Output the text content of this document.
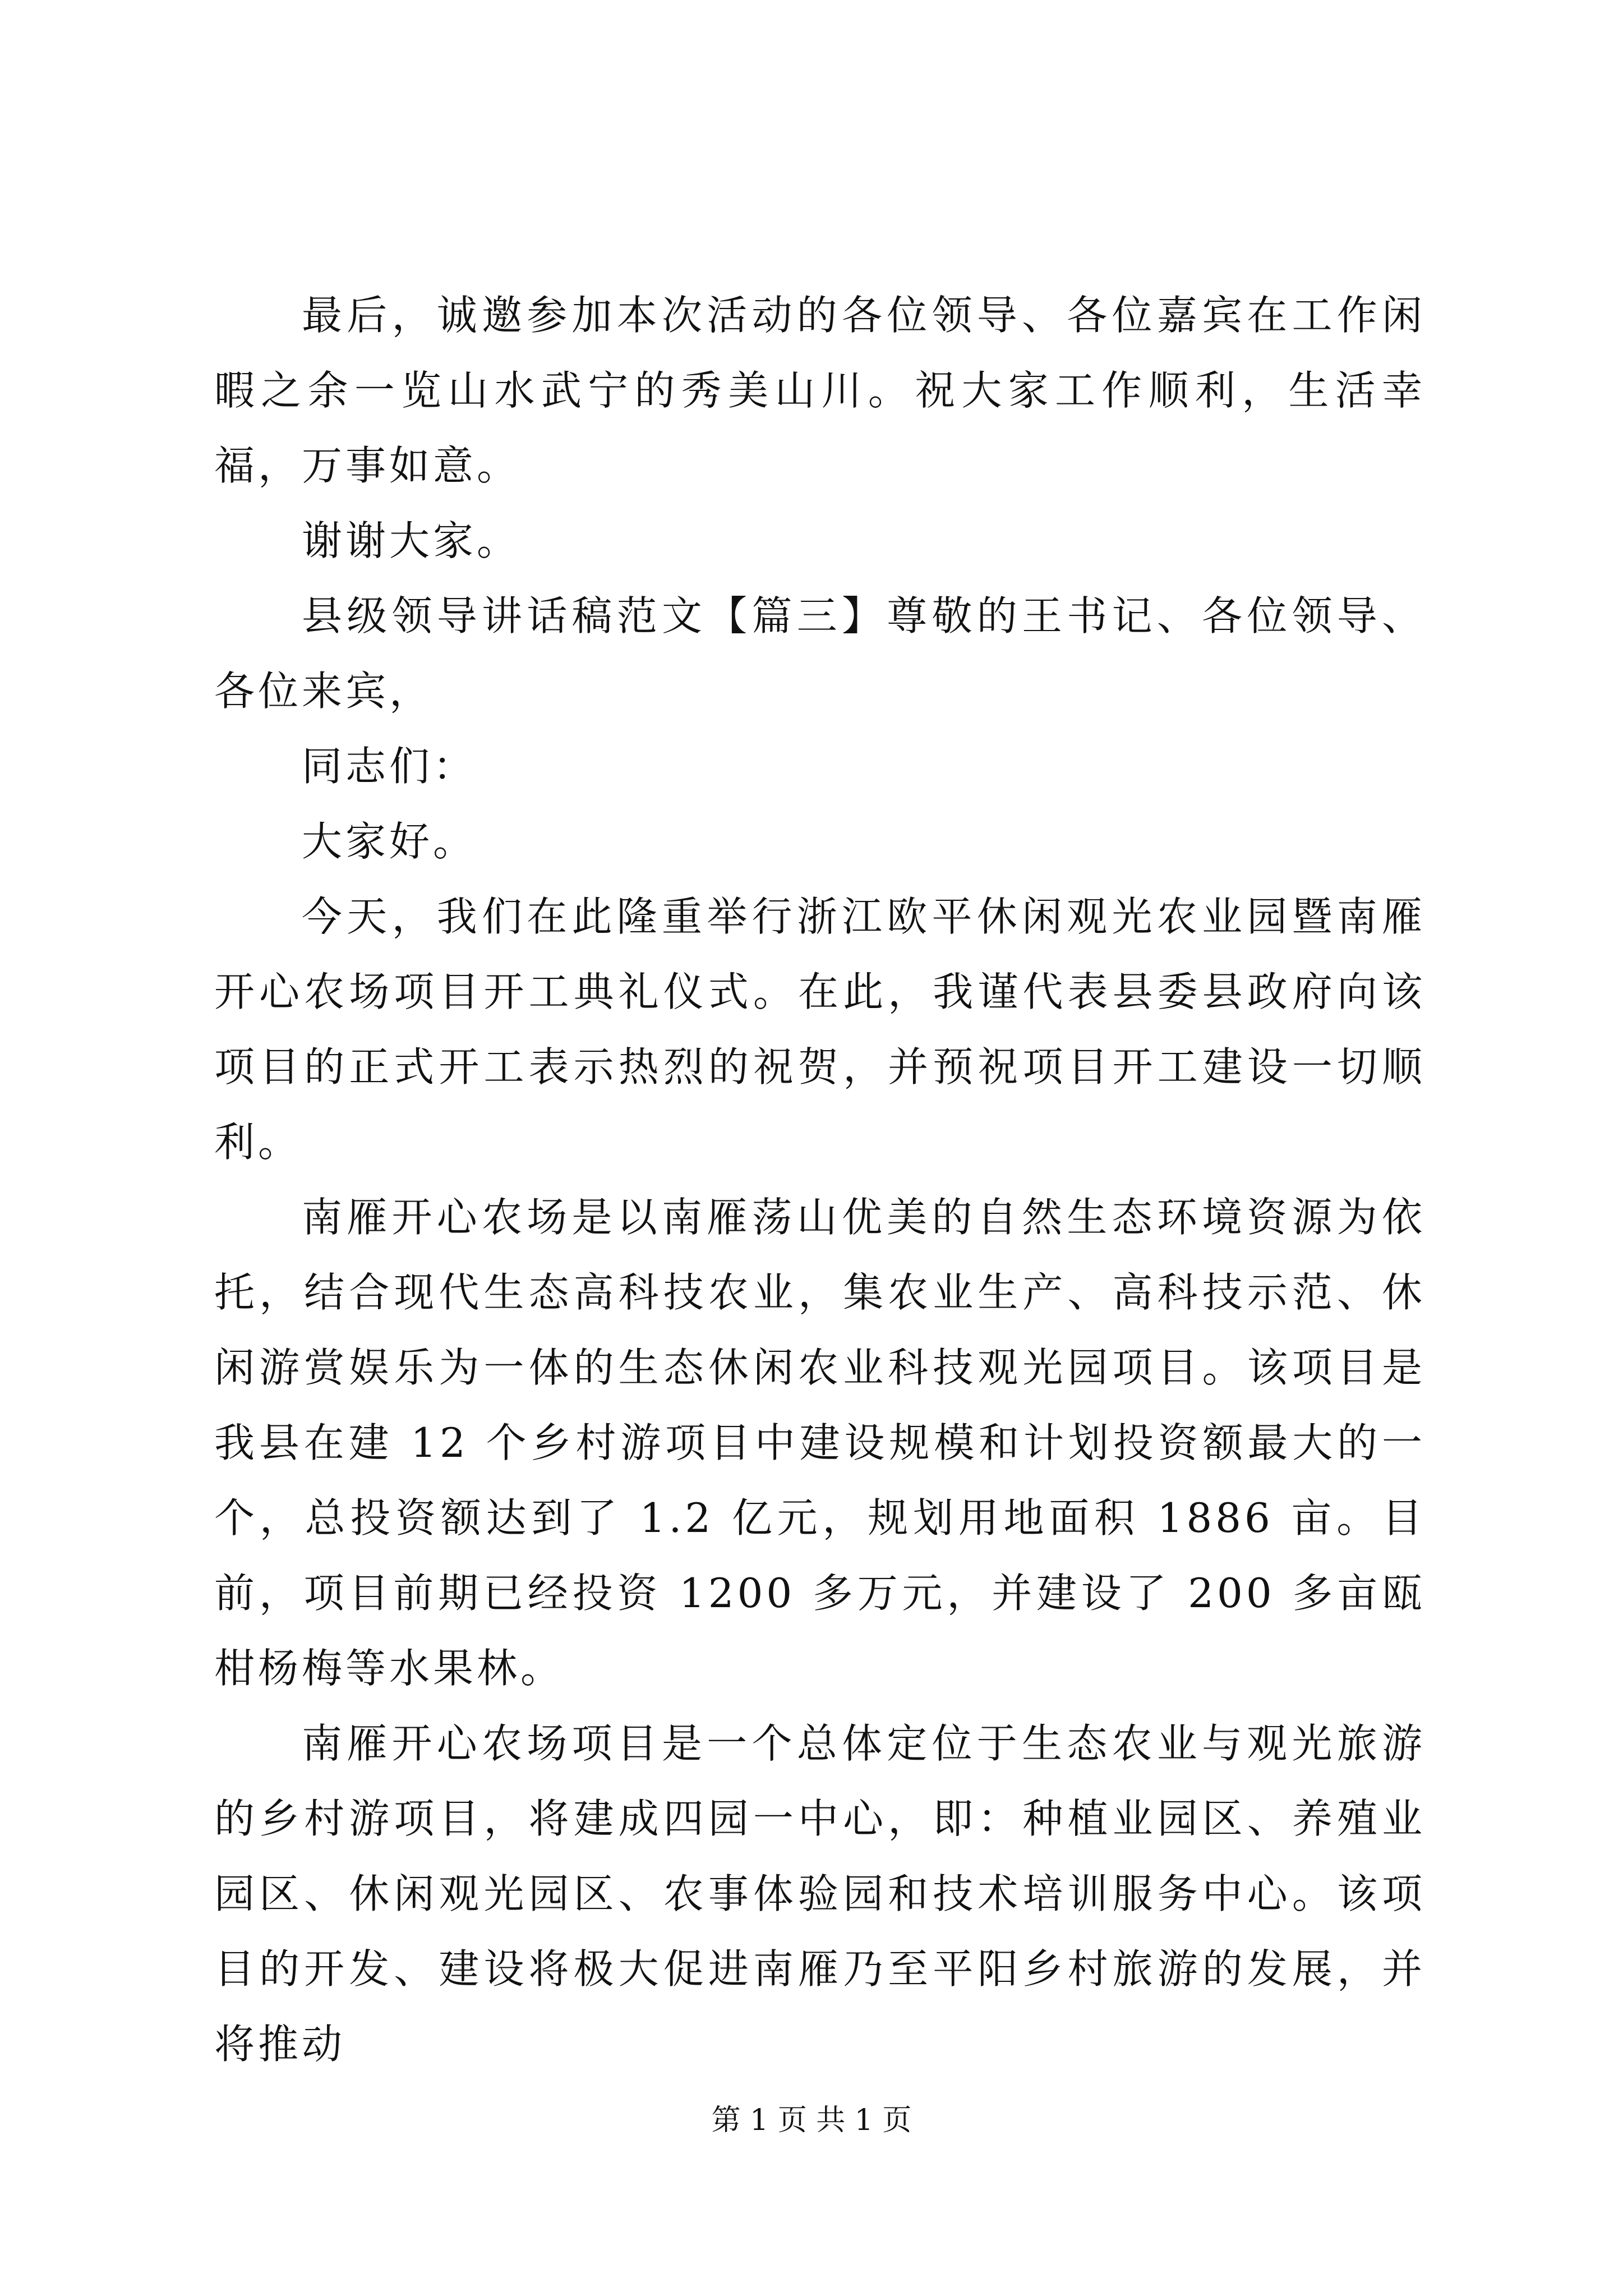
最后，诚邀参加本次活动的各位领导、各位嘉宾在工作闲暇之余一览山水武宁的秀美山川。祝大家工作顺利，生活幸福，万事如意。

谢谢大家。

县级领导讲话稿范文【篇三】尊敬的王书记、各位领导、各位来宾，

同志们：

大家好。

今天，我们在此隆重举行浙江欧平休闲观光农业园暨南雁开心农场项目开工典礼仪式。在此，我谨代表县委县政府向该项目的正式开工表示热烈的祝贺，并预祝项目开工建设一切顺利。

南雁开心农场是以南雁荡山优美的自然生态环境资源为依托，结合现代生态高科技农业，集农业生产、高科技示范、休闲游赏娱乐为一体的生态休闲农业科技观光园项目。该项目是我县在建 12 个乡村游项目中建设规模和计划投资额最大的一个，总投资额达到了 1.2 亿元，规划用地面积 1886 亩。目前，项目前期已经投资 1200 多万元，并建设了 200 多亩瓯柑杨梅等水果林。

南雁开心农场项目是一个总体定位于生态农业与观光旅游的乡村游项目，将建成四园一中心，即：种植业园区、养殖业园区、休闲观光园区、农事体验园和技术培训服务中心。该项目的开发、建设将极大促进南雁乃至平阳乡村旅游的发展，并将推动

第 1 页 共 1 页
